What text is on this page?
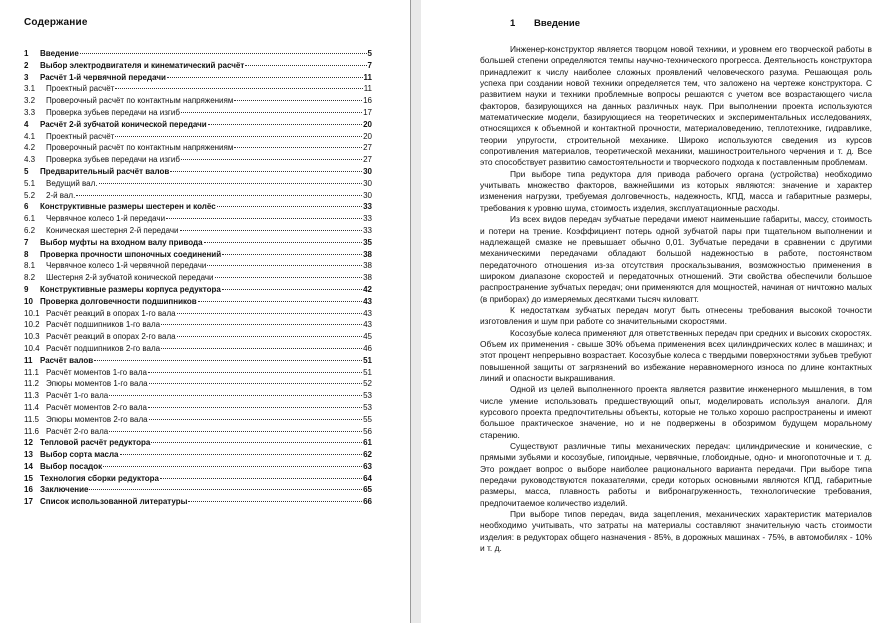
Содержание
1	Введение	5
2	Выбор электродвигателя и кинематический расчёт	7
3	Расчёт 1-й червячной передачи	11
3.1	Проектный расчёт	11
3.2	Проверочный расчёт по контактным напряжениям	16
3.3	Проверка зубьев передачи на изгиб	17
4	Расчёт 2-й зубчатой конической передачи	20
4.1	Проектный расчёт	20
4.2	Проверочный расчёт по контактным напряжениям	27
4.3	Проверка зубьев передачи на изгиб	27
5	Предварительный расчёт валов	30
5.1	Ведущий вал.	30
5.2	2-й вал.	30
6	Конструктивные размеры шестерен и колёс	33
6.1	Червячное колесо 1-й передачи	33
6.2	Коническая шестерня 2-й передачи	33
7	Выбор муфты на входном валу привода	35
8	Проверка прочности шпоночных соединений	38
8.1	Червячное колесо 1-й червячной передачи	38
8.2	Шестерня 2-й зубчатой конической передачи	38
9	Конструктивные размеры корпуса редуктора	42
10 Проверка долговечности подшипников	43
10.1 Расчёт реакций в опорах 1-го вала	43
10.2 Расчёт подшипников 1-го вала	43
10.3 Расчёт реакций в опорах 2-го вала	45
10.4 Расчёт подшипников 2-го вала	46
11 Расчёт валов	51
11.1 Расчёт моментов 1-го вала	51
11.2 Эпюры моментов 1-го вала	52
11.3 Расчёт 1-го вала	53
11.4 Расчёт моментов 2-го вала	53
11.5 Эпюры моментов 2-го вала	55
11.6 Расчёт 2-го вала	56
12 Тепловой расчёт редуктора	61
13 Выбор сорта масла	62
14 Выбор посадок	63
15 Технология сборки редуктора	64
16 Заключение	65
17 Список использованной литературы	66
1 Введение

Инженер-конструктор является творцом новой техники, и уровнем его творческой работы в большей степени определяются темпы научно-технического прогресса. Деятельность конструктора принадлежит к числу наиболее сложных проявлений человеческого разума. Решающая роль успеха при создании новой техники определяется тем, что заложено на чертеже конструктора. С развитием науки и техники проблемные вопросы решаются с учетом все возрастающего числа факторов, базирующихся на данных различных наук. При выполнении проекта используются математические модели, базирующиеся на теоретических и экспериментальных исследованиях, относящихся к объемной и контактной прочности, материаловедению, теплотехнике, гидравлике, теории упругости, строительной механике. Широко используются сведения из курсов сопротивления материалов, теоретической механики, машиностроительного черчения и т. д. Все это способствует развитию самостоятельности и творческого подхода к поставленным проблемам.

При выборе типа редуктора для привода рабочего органа (устройства) необходимо учитывать множество факторов, важнейшими из которых являются: значение и характер изменения нагрузки, требуемая долговечность, надежность, КПД, масса и габаритные размеры, требования к уровню шума, стоимость изделия, эксплуатационные расходы.

Из всех видов передач зубчатые передачи имеют наименьшие габариты, массу, стоимость и потери на трение. Коэффициент потерь одной зубчатой пары при тщательном выполнении и надлежащей смазке не превышает обычно 0,01. Зубчатые передачи в сравнении с другими механическими передачами обладают большой надежностью в работе, постоянством передаточного отношения из-за отсутствия проскальзывания, возможностью применения в широком диапазоне скоростей и передаточных отношений. Эти свойства обеспечили большое распространение зубчатых передач; они применяются для мощностей, начиная от ничтожно малых (в приборах) до измеряемых десятками тысяч киловатт.

К недостаткам зубчатых передач могут быть отнесены требования высокой точности изготовления и шум при работе со значительными скоростями.

Косозубые колеса применяют для ответственных передач при средних и высоких скоростях. Объем их применения - свыше 30% объема применения всех цилиндрических колес в машинах; и этот процент непрерывно возрастает. Косозубые колеса с твердыми поверхностями зубьев требуют повышенной защиты от загрязнений во избежание неравномерного износа по длине контактных линий и опасности выкрашивания.

Одной из целей выполненного проекта является развитие инженерного мышления, в том числе умение использовать предшествующий опыт, моделировать используя аналоги. Для курсового проекта предпочтительны объекты, которые не только хорошо распространены и имеют большое практическое значение, но и не подвержены в обозримом будущем моральному старению.

Существуют различные типы механических передач: цилиндрические и конические, с прямыми зубьями и косозубые, гипоидные, червячные, глобоидные, одно- и многопоточные и т. д. Это рождает вопрос о выборе наиболее рационального варианта передачи. При выборе типа передачи руководствуются показателями, среди которых основными являются КПД, габаритные размеры, масса, плавность работы и вибронагруженность, технологические требования, предпочитаемое количество изделий.

При выборе типов передач, вида зацепления, механических характеристик материалов необходимо учитывать, что затраты на материалы составляют значительную часть стоимости изделия: в редукторах общего назначения - 85%, в дорожных машинах - 75%, в автомобилях - 10% и т. д.
